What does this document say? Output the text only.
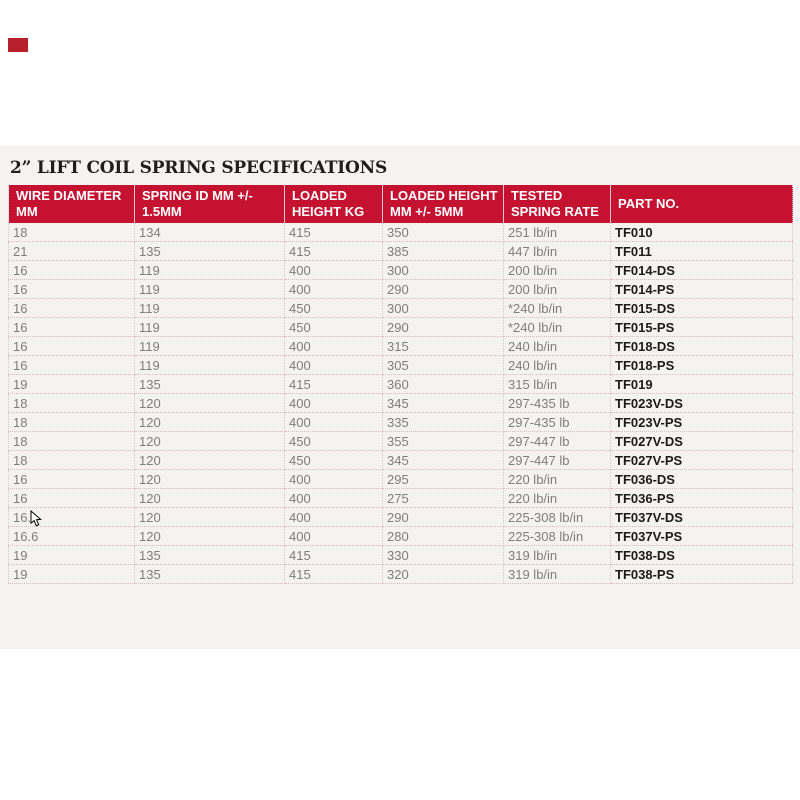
2” LIFT COIL SPRING SPECIFICATIONS
WIRE DIAMETER MM	SPRING ID MM +/- 1.5MM	LOADED HEIGHT KG	LOADED HEIGHT MM +/- 5MM	TESTED SPRING RATE	PART NO.
18	134	415	350	251 lb/in	TF010
21	135	415	385	447 lb/in	TF011
16	119	400	300	200 lb/in	TF014-DS
16	119	400	290	200 lb/in	TF014-PS
16	119	450	300	*240 lb/in	TF015-DS
16	119	450	290	*240 lb/in	TF015-PS
16	119	400	315	240 lb/in	TF018-DS
16	119	400	305	240 lb/in	TF018-PS
19	135	415	360	315 lb/in	TF019
18	120	400	345	297-435 lb	TF023V-DS
18	120	400	335	297-435 lb	TF023V-PS
18	120	450	355	297-447 lb	TF027V-DS
18	120	450	345	297-447 lb	TF027V-PS
16	120	400	295	220 lb/in	TF036-DS
16	120	400	275	220 lb/in	TF036-PS
16.	120	400	290	225-308 lb/in	TF037V-DS
16.6	120	400	280	225-308 lb/in	TF037V-PS
19	135	415	330	319 lb/in	TF038-DS
19	135	415	320	319 lb/in	TF038-PS
